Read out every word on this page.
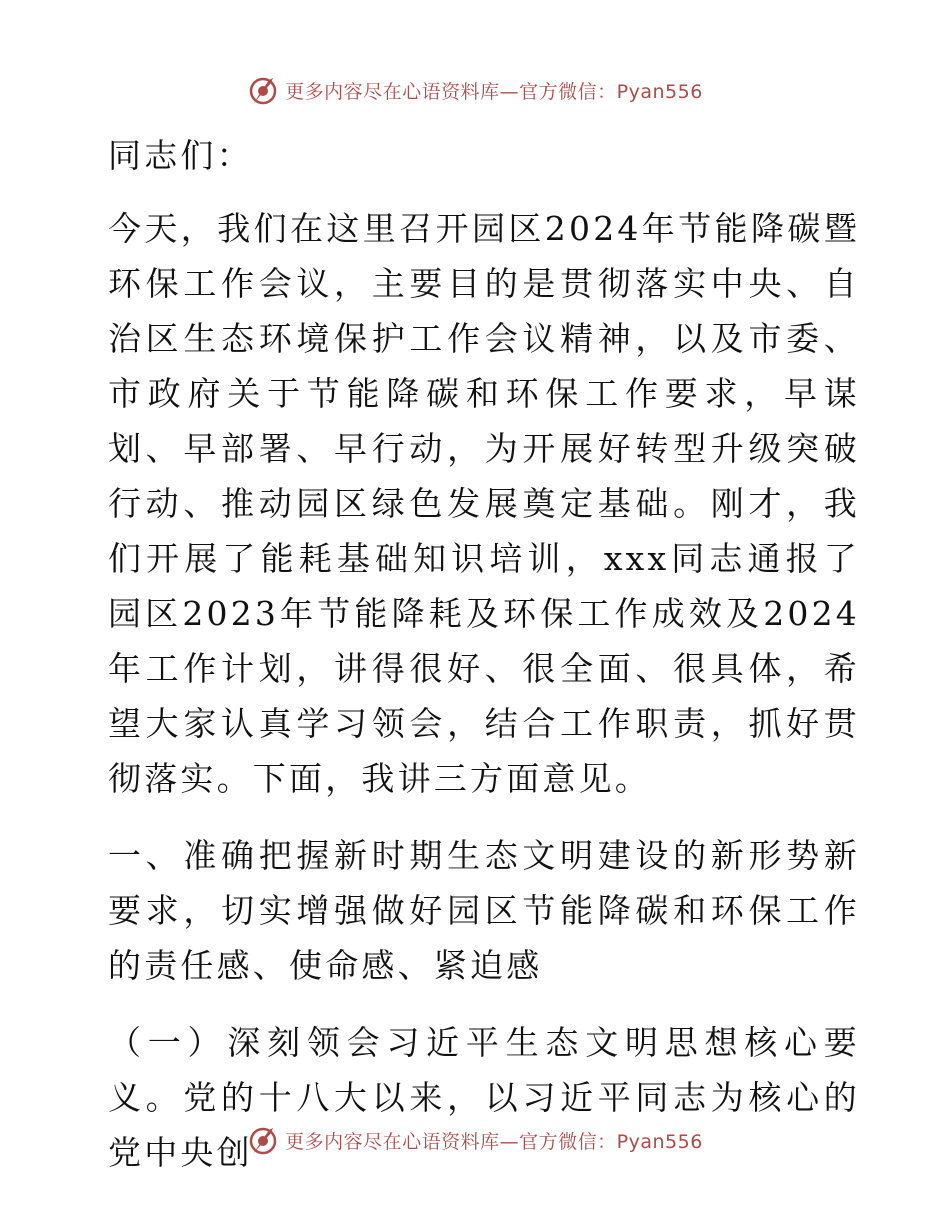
更多内容尽在心语资料库—官方微信：Pyan556

同志们：

今天，我们在这里召开园区2024年节能降碳暨环保工作会议，主要目的是贯彻落实中央、自治区生态环境保护工作会议精神，以及市委、市政府关于节能降碳和环保工作要求，早谋划、早部署、早行动，为开展好转型升级突破行动、推动园区绿色发展奠定基础。刚才，我们开展了能耗基础知识培训，xxx同志通报了园区2023年节能降耗及环保工作成效及2024年工作计划，讲得很好、很全面、很具体，希望大家认真学习领会，结合工作职责，抓好贯彻落实。下面，我讲三方面意见。

一、准确把握新时期生态文明建设的新形势新要求，切实增强做好园区节能降碳和环保工作的责任感、使命感、紧迫感

（一）深刻领会习近平生态文明思想核心要义。党的十八大以来，以习近平同志为核心的党中央创	更多内容尽在心语资料库—官方微信：Pyan556
